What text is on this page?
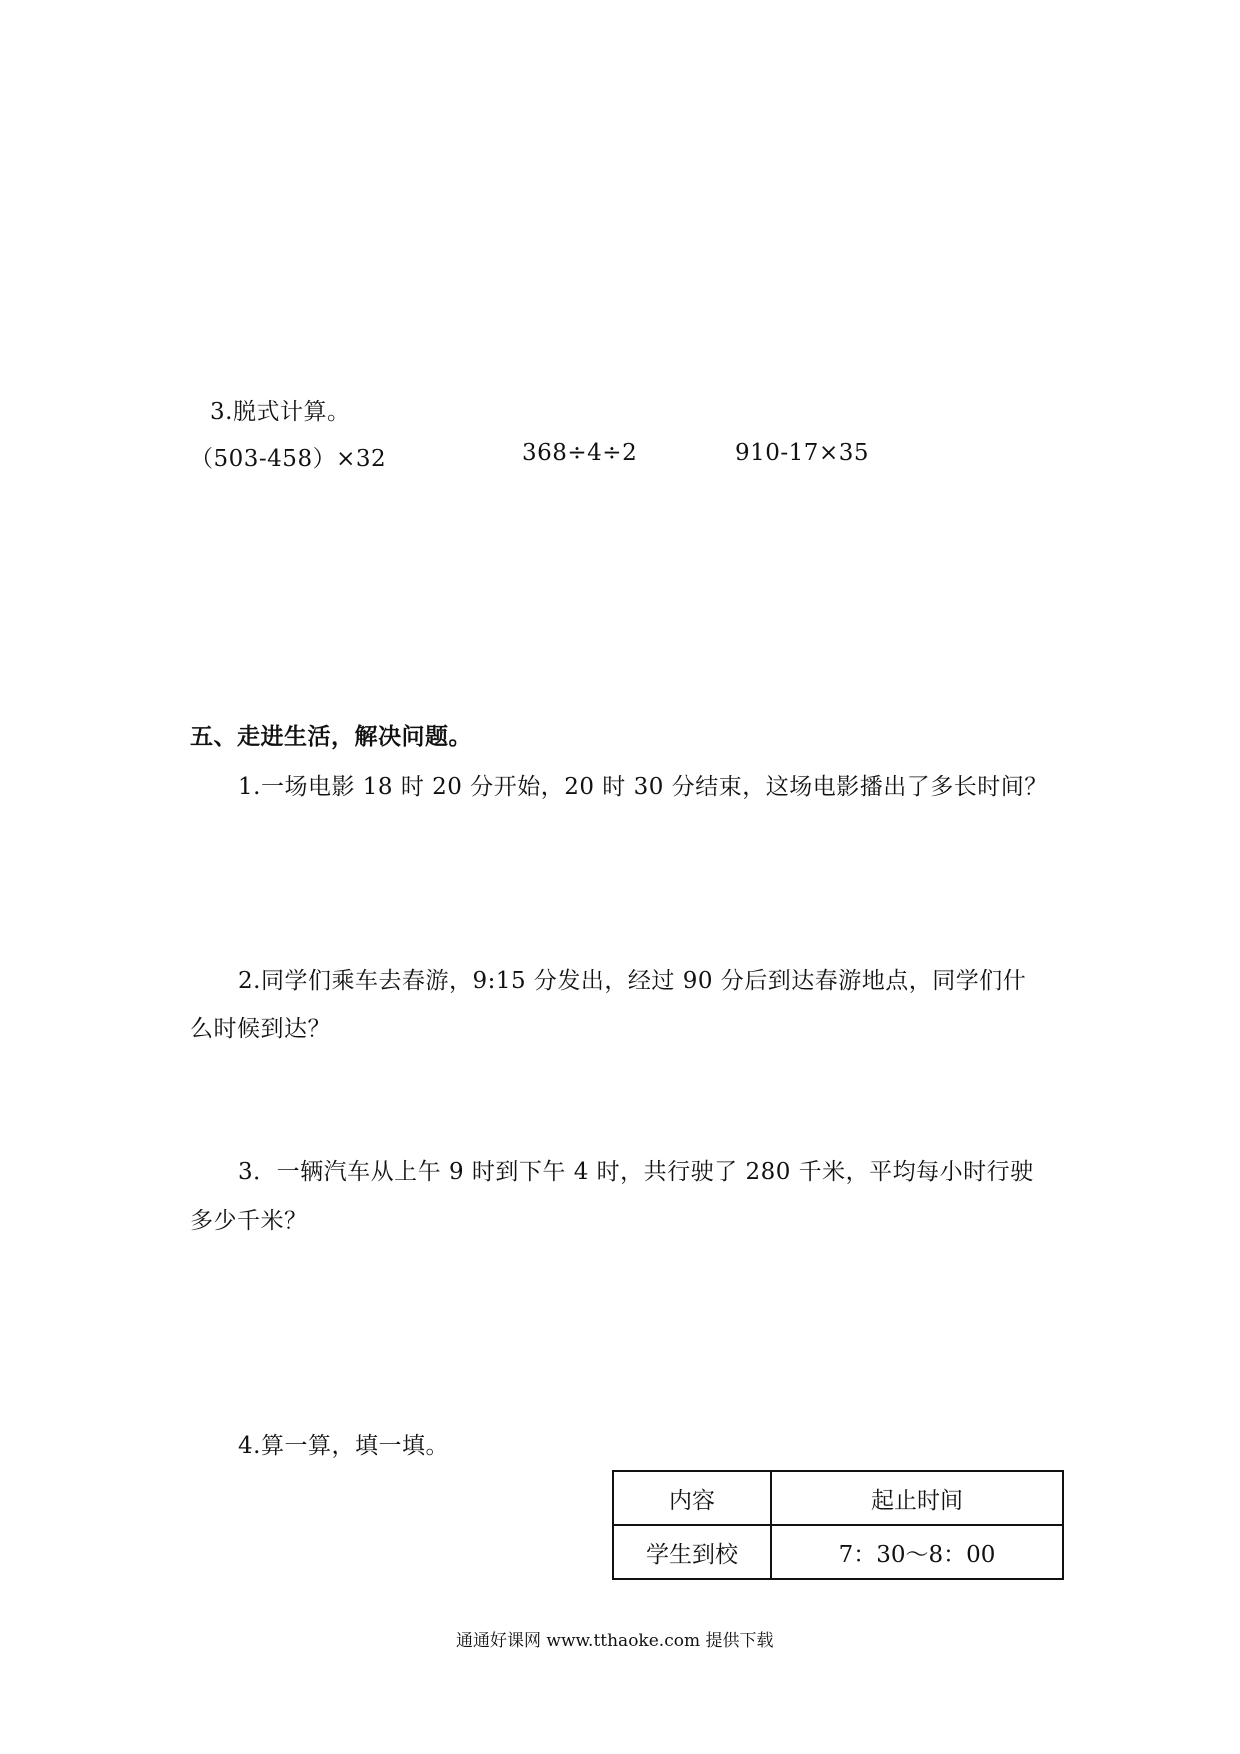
3.脱式计算。
（503-458）×32	368÷4÷2	910-17×35
五、走进生活，解决问题。
1.一场电影 18 时 20 分开始，20 时 30 分结束，这场电影播出了多长时间？
2.同学们乘车去春游，9:15 分发出，经过 90 分后到达春游地点，同学们什
么时候到达？
3．一辆汽车从上午 9 时到下午 4 时，共行驶了 280 千米，平均每小时行驶
多少千米？
4.算一算，填一填。
内容	起止时间
学生到校	7：30～8：00
通通好课网 www.tthaoke.com 提供下载
